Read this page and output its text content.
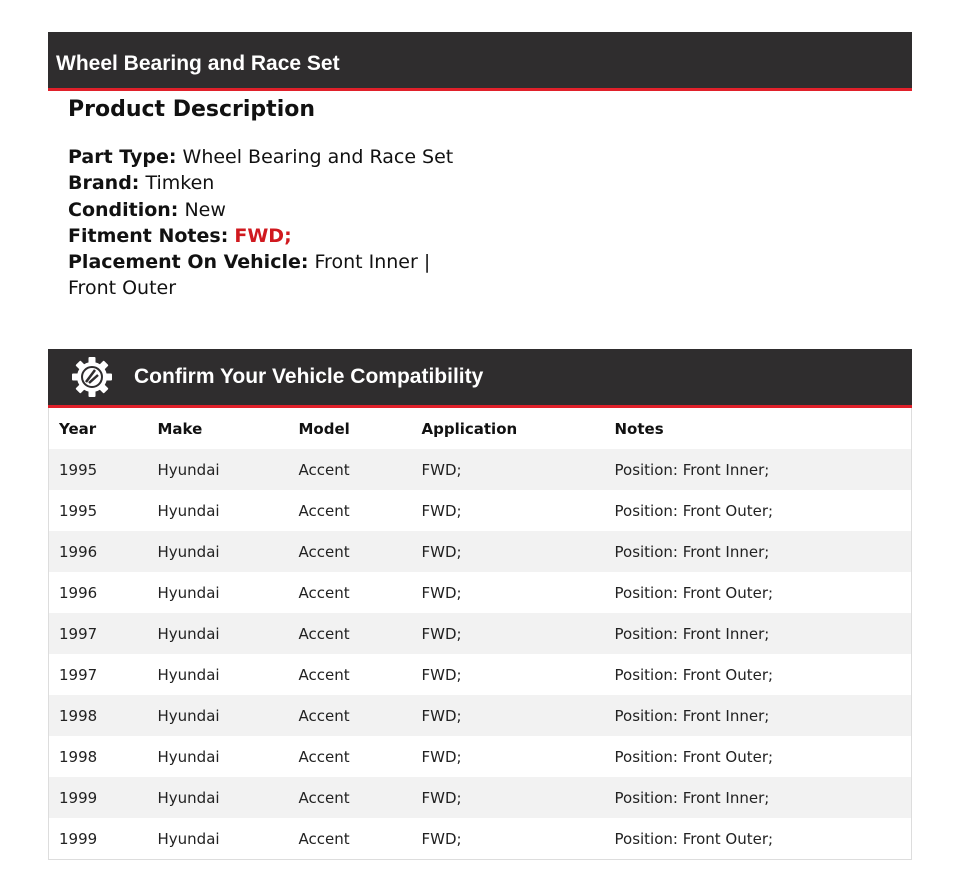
Wheel Bearing and Race Set
Product Description
Part Type: Wheel Bearing and Race Set
Brand: Timken
Condition: New
Fitment Notes: FWD;
Placement On Vehicle: Front Inner | Front Outer
Confirm Your Vehicle Compatibility
Year	Make	Model	Application	Notes
1995	Hyundai	Accent	FWD;	Position: Front Inner;
1995	Hyundai	Accent	FWD;	Position: Front Outer;
1996	Hyundai	Accent	FWD;	Position: Front Inner;
1996	Hyundai	Accent	FWD;	Position: Front Outer;
1997	Hyundai	Accent	FWD;	Position: Front Inner;
1997	Hyundai	Accent	FWD;	Position: Front Outer;
1998	Hyundai	Accent	FWD;	Position: Front Inner;
1998	Hyundai	Accent	FWD;	Position: Front Outer;
1999	Hyundai	Accent	FWD;	Position: Front Inner;
1999	Hyundai	Accent	FWD;	Position: Front Outer;
